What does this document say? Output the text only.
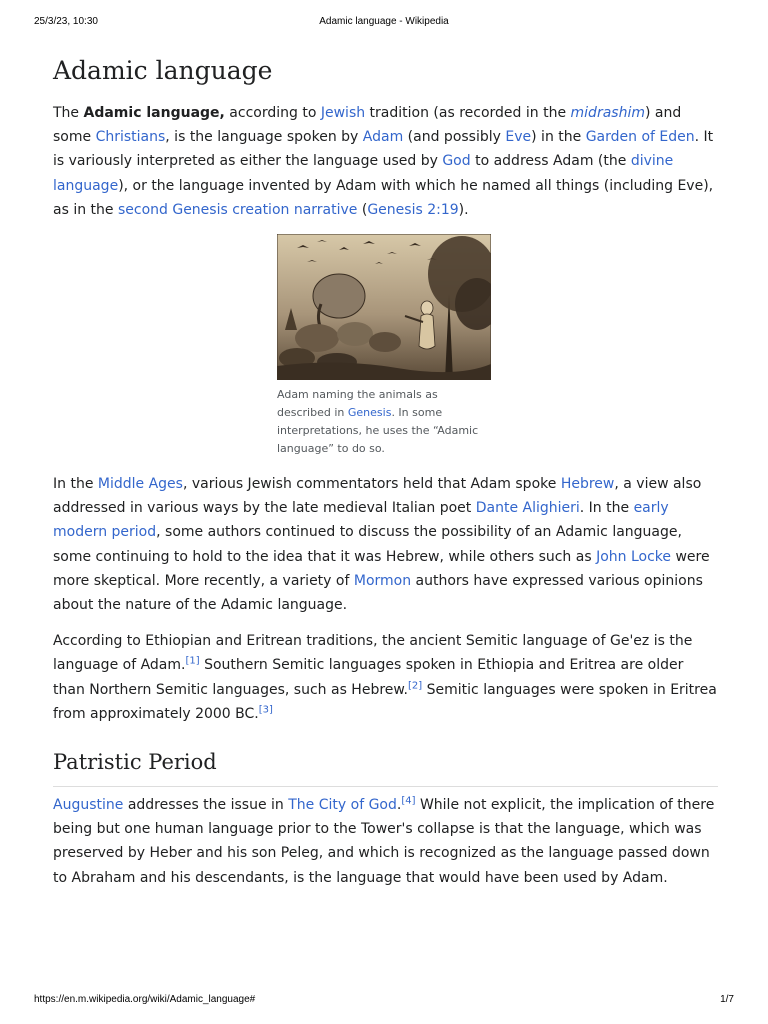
25/3/23, 10:30	Adamic language - Wikipedia
Adamic language

The Adamic language, according to Jewish tradition (as recorded in the midrashim) and some Christians, is the language spoken by Adam (and possibly Eve) in the Garden of Eden. It is variously interpreted as either the language used by God to address Adam (the divine language), or the language invented by Adam with which he named all things (including Eve), as in the second Genesis creation narrative (Genesis 2:19).

Adam naming the animals as described in Genesis. In some interpretations, he uses the “Adamic language” to do so.

In the Middle Ages, various Jewish commentators held that Adam spoke Hebrew, a view also addressed in various ways by the late medieval Italian poet Dante Alighieri. In the early modern period, some authors continued to discuss the possibility of an Adamic language, some continuing to hold to the idea that it was Hebrew, while others such as John Locke were more skeptical. More recently, a variety of Mormon authors have expressed various opinions about the nature of the Adamic language.

According to Ethiopian and Eritrean traditions, the ancient Semitic language of Ge'ez is the language of Adam.[1] Southern Semitic languages spoken in Ethiopia and Eritrea are older than Northern Semitic languages, such as Hebrew.[2] Semitic languages were spoken in Eritrea from approximately 2000 BC.[3]

Patristic Period

Augustine addresses the issue in The City of God.[4] While not explicit, the implication of there being but one human language prior to the Tower's collapse is that the language, which was preserved by Heber and his son Peleg, and which is recognized as the language passed down to Abraham and his descendants, is the language that would have been used by Adam.

https://en.m.wikipedia.org/wiki/Adamic_language#	1/7
